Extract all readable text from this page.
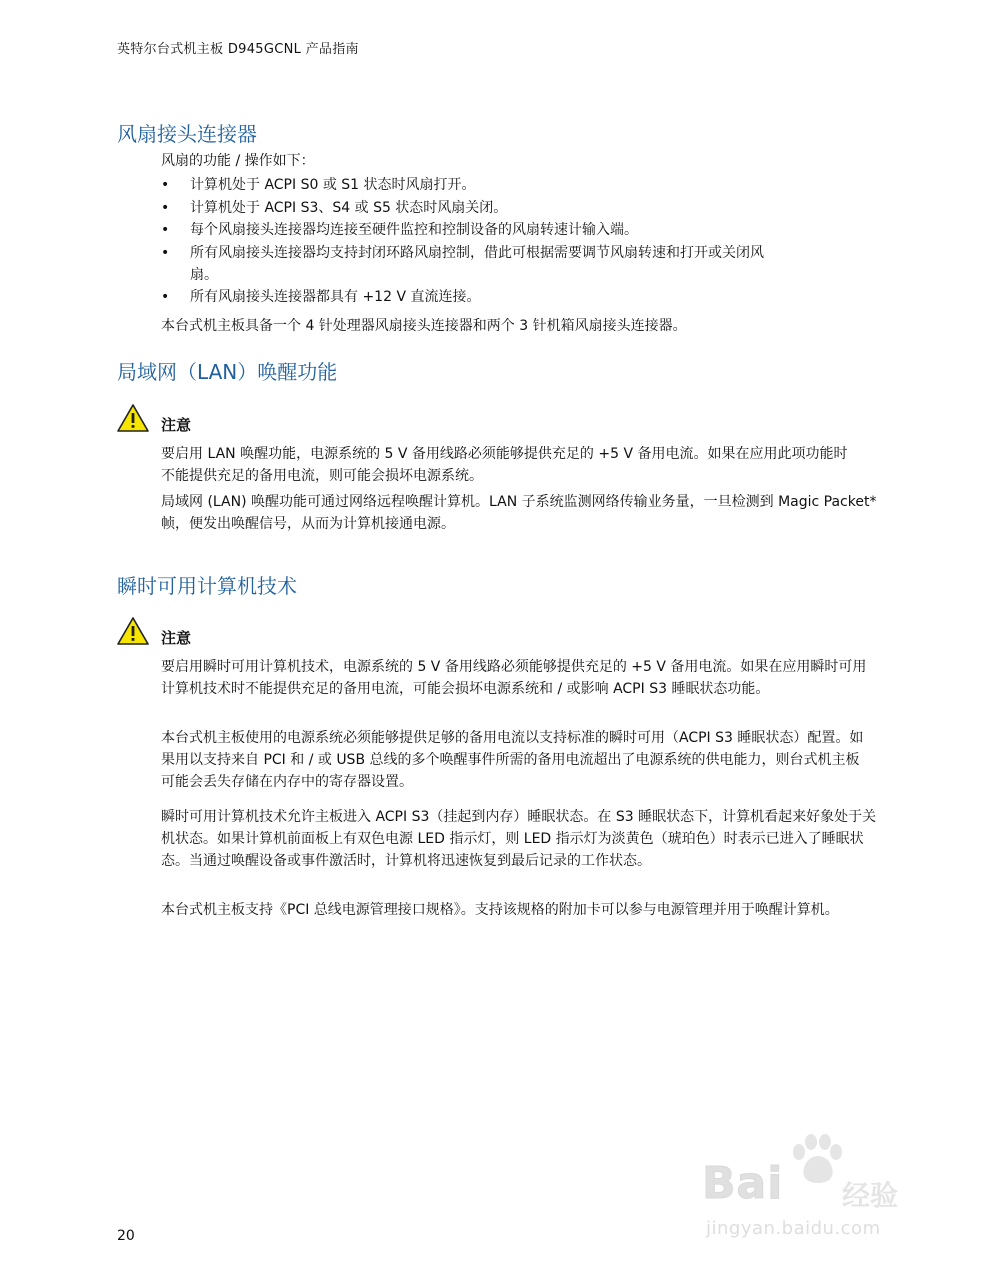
英特尔台式机主板 D945GCNL 产品指南
风扇接头连接器

风扇的功能 / 操作如下：

• 计算机处于 ACPI S0 或 S1 状态时风扇打开。
• 计算机处于 ACPI S3、S4 或 S5 状态时风扇关闭。
• 每个风扇接头连接器均连接至硬件监控和控制设备的风扇转速计输入端。
• 所有风扇接头连接器均支持封闭环路风扇控制，借此可根据需要调节风扇转速和打开或关闭风扇。
• 所有风扇接头连接器都具有 +12 V 直流连接。

本台式机主板具备一个 4 针处理器风扇接头连接器和两个 3 针机箱风扇接头连接器。

局域网（LAN）唤醒功能
注意

要启用 LAN 唤醒功能，电源系统的 5 V 备用线路必须能够提供充足的 +5 V 备用电流。如果在应用此项功能时不能提供充足的备用电流，则可能会损坏电源系统。

局域网 (LAN) 唤醒功能可通过网络远程唤醒计算机。LAN 子系统监测网络传输业务量，一旦检测到 Magic Packet* 帧，便发出唤醒信号，从而为计算机接通电源。

瞬时可用计算机技术
注意

要启用瞬时可用计算机技术，电源系统的 5 V 备用线路必须能够提供充足的 +5 V 备用电流。如果在应用瞬时可用计算机技术时不能提供充足的备用电流，可能会损坏电源系统和 / 或影响 ACPI S3 睡眠状态功能。

本台式机主板使用的电源系统必须能够提供足够的备用电流以支持标准的瞬时可用（ACPI S3 睡眠状态）配置。如果用以支持来自 PCI 和 / 或 USB 总线的多个唤醒事件所需的备用电流超出了电源系统的供电能力，则台式机主板可能会丢失存储在内存中的寄存器设置。

瞬时可用计算机技术允许主板进入 ACPI S3（挂起到内存）睡眠状态。在 S3 睡眠状态下，计算机看起来好象处于关机状态。如果计算机前面板上有双色电源 LED 指示灯，则 LED 指示灯为淡黄色（琥珀色）时表示已进入了睡眠状态。当通过唤醒设备或事件激活时，计算机将迅速恢复到最后记录的工作状态。

本台式机主板支持《PCI 总线电源管理接口规格》。支持该规格的附加卡可以参与电源管理并用于唤醒计算机。

Bai 经验
jingyan.baidu.com
20
